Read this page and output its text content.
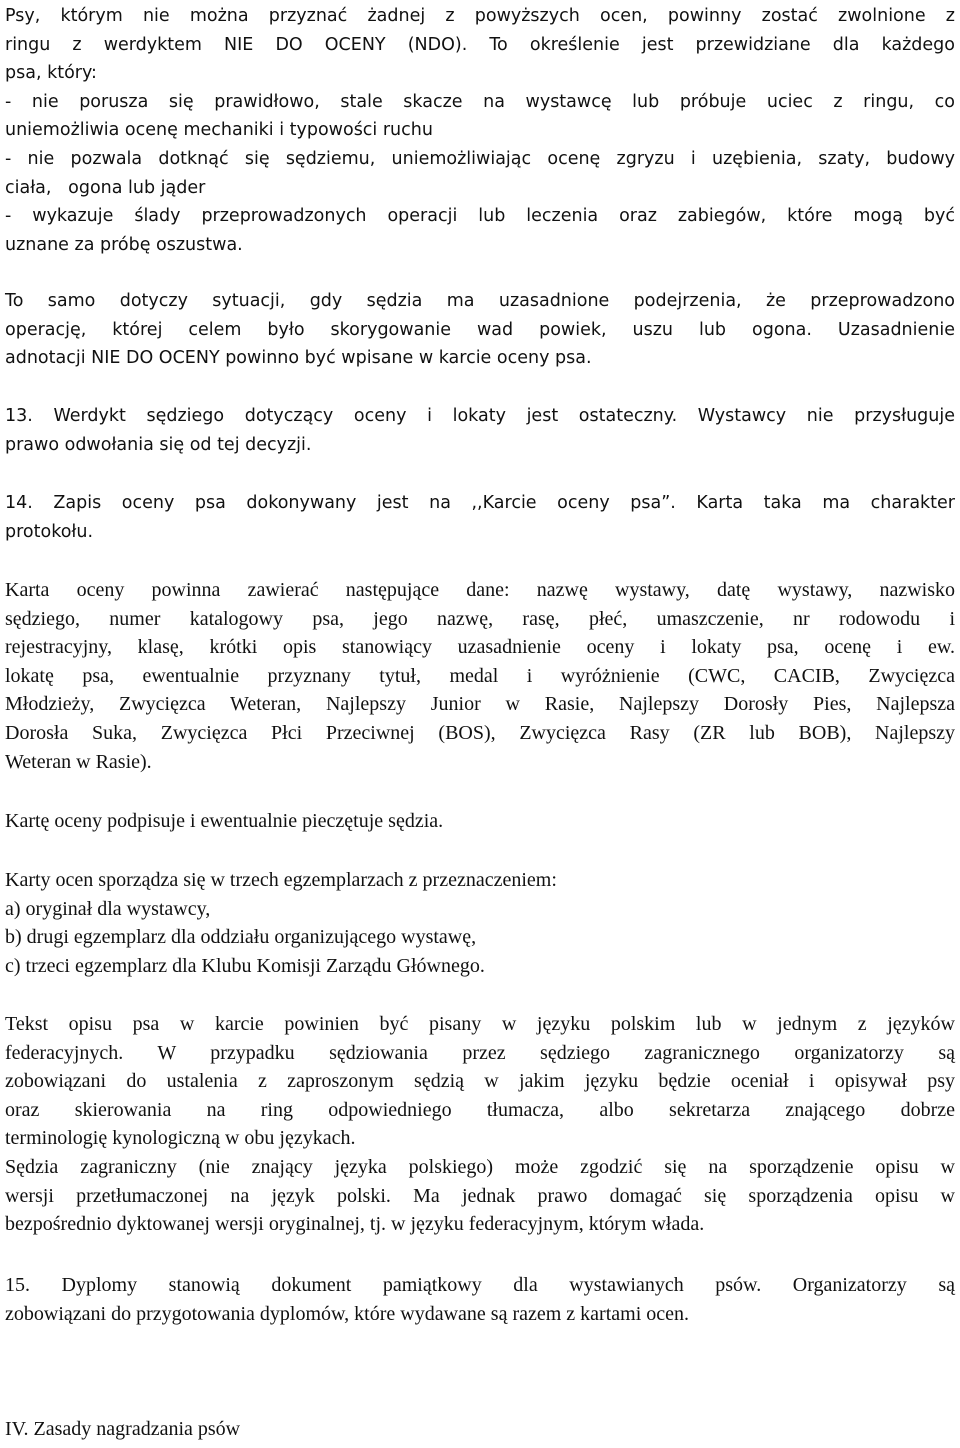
Psy, którym nie można przyznać żadnej z powyższych ocen, powinny zostać zwolnione z
ringu z werdyktem NIE DO OCENY (NDO). To określenie jest przewidziane dla każdego
psa, który:
- nie porusza się prawidłowo, stale skacze na wystawcę lub próbuje uciec z ringu, co
uniemożliwia ocenę mechaniki i typowości ruchu
- nie pozwala dotknąć się sędziemu, uniemożliwiając ocenę zgryzu i uzębienia, szaty, budowy
ciała,   ogona lub jąder
- wykazuje ślady przeprowadzonych operacji lub leczenia oraz zabiegów, które mogą być
uznane za próbę oszustwa.
To samo dotyczy sytuacji, gdy sędzia ma uzasadnione podejrzenia, że przeprowadzono
operację, której celem było skorygowanie wad powiek, uszu lub ogona. Uzasadnienie
adnotacji NIE DO OCENY powinno być wpisane w karcie oceny psa.
13. Werdykt sędziego dotyczący oceny i lokaty jest ostateczny. Wystawcy nie przysługuje
prawo odwołania się od tej decyzji.
14. Zapis oceny psa dokonywany jest na ,,Karcie oceny psa”. Karta taka ma charakter
protokołu.
Karta oceny powinna zawierać następujące dane: nazwę wystawy, datę wystawy, nazwisko
sędziego, numer katalogowy psa, jego nazwę, rasę, płeć, umaszczenie, nr rodowodu i
rejestracyjny, klasę, krótki opis stanowiący uzasadnienie oceny i lokaty psa, ocenę i ew.
lokatę psa, ewentualnie przyznany tytuł, medal i wyróżnienie (CWC, CACIB, Zwycięzca
Młodzieży, Zwycięzca Weteran, Najlepszy Junior w Rasie, Najlepszy Dorosły Pies, Najlepsza
Dorosła Suka, Zwycięzca Płci Przeciwnej (BOS), Zwycięzca Rasy (ZR lub BOB), Najlepszy
Weteran w Rasie).
Kartę oceny podpisuje i ewentualnie pieczętuje sędzia.
Karty ocen sporządza się w trzech egzemplarzach z przeznaczeniem:
a) oryginał dla wystawcy,
b) drugi egzemplarz dla oddziału organizującego wystawę,
c) trzeci egzemplarz dla Klubu Komisji Zarządu Głównego.
Tekst opisu psa w karcie powinien być pisany w języku polskim lub w jednym z języków
federacyjnych. W przypadku sędziowania przez sędziego zagranicznego organizatorzy są
zobowiązani do ustalenia z zaproszonym sędzią w jakim języku będzie oceniał i opisywał psy
oraz skierowania na ring odpowiedniego tłumacza, albo sekretarza znającego dobrze
terminologię kynologiczną w obu językach.
Sędzia zagraniczny (nie znający języka polskiego) może zgodzić się na sporządzenie opisu w
wersji przetłumaczonej na język polski. Ma jednak prawo domagać się sporządzenia opisu w
bezpośrednio dyktowanej wersji oryginalnej, tj. w języku federacyjnym, którym włada.
15. Dyplomy stanowią dokument pamiątkowy dla wystawianych psów. Organizatorzy są
zobowiązani do przygotowania dyplomów, które wydawane są razem z kartami ocen.
IV. Zasady nagradzania psów
